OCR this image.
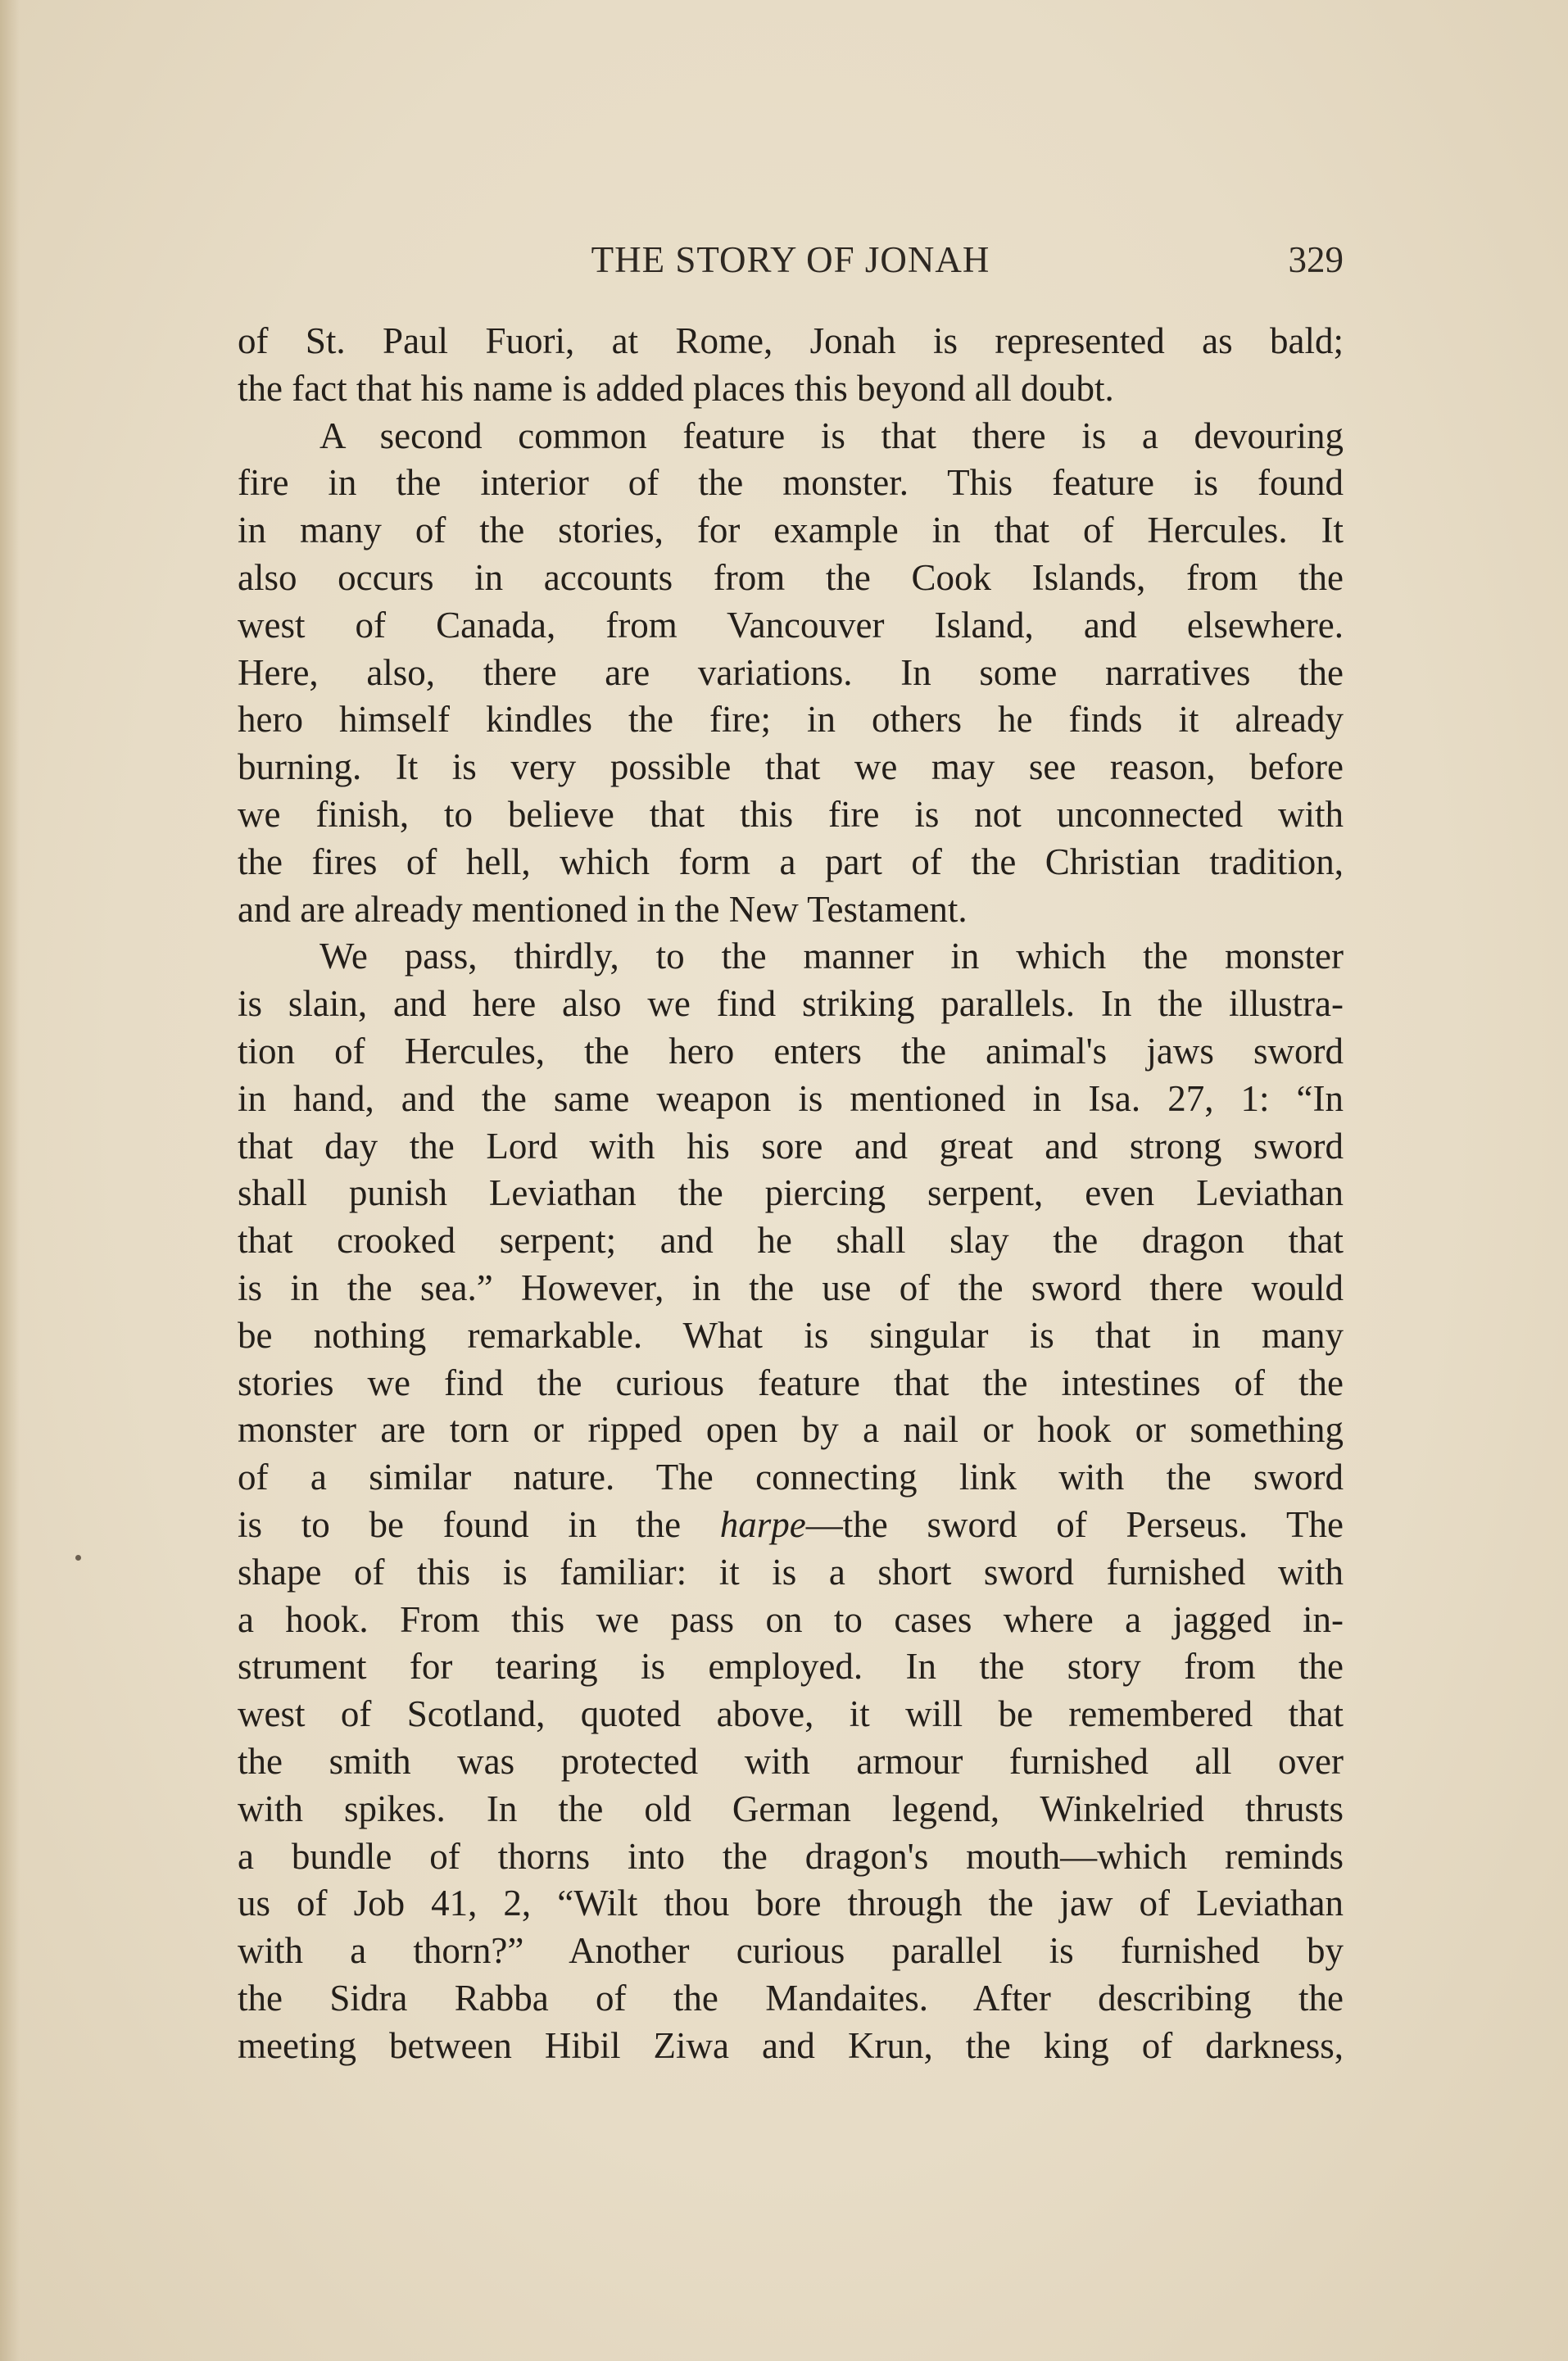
THE STORY OF JONAH	329
of St. Paul Fuori, at Rome, Jonah is represented as bald;
the fact that his name is added places this beyond all doubt.
A second common feature is that there is a devouring
fire in the interior of the monster. This feature is found
in many of the stories, for example in that of Hercules. It
also occurs in accounts from the Cook Islands, from the
west of Canada, from Vancouver Island, and elsewhere.
Here, also, there are variations. In some narratives the
hero himself kindles the fire; in others he finds it already
burning. It is very possible that we may see reason, before
we finish, to believe that this fire is not unconnected with
the fires of hell, which form a part of the Christian tradition,
and are already mentioned in the New Testament.
We pass, thirdly, to the manner in which the monster
is slain, and here also we find striking parallels. In the illustra-
tion of Hercules, the hero enters the animal's jaws sword
in hand, and the same weapon is mentioned in Isa. 27, 1: “In
that day the Lord with his sore and great and strong sword
shall punish Leviathan the piercing serpent, even Leviathan
that crooked serpent; and he shall slay the dragon that
is in the sea.” However, in the use of the sword there would
be nothing remarkable. What is singular is that in many
stories we find the curious feature that the intestines of the
monster are torn or ripped open by a nail or hook or something
of a similar nature. The connecting link with the sword
is to be found in the harpe—the sword of Perseus. The
shape of this is familiar: it is a short sword furnished with
a hook. From this we pass on to cases where a jagged in-
strument for tearing is employed. In the story from the
west of Scotland, quoted above, it will be remembered that
the smith was protected with armour furnished all over
with spikes. In the old German legend, Winkelried thrusts
a bundle of thorns into the dragon's mouth—which reminds
us of Job 41, 2, “Wilt thou bore through the jaw of Leviathan
with a thorn?” Another curious parallel is furnished by
the Sidra Rabba of the Mandaites. After describing the
meeting between Hibil Ziwa and Krun, the king of darkness,
